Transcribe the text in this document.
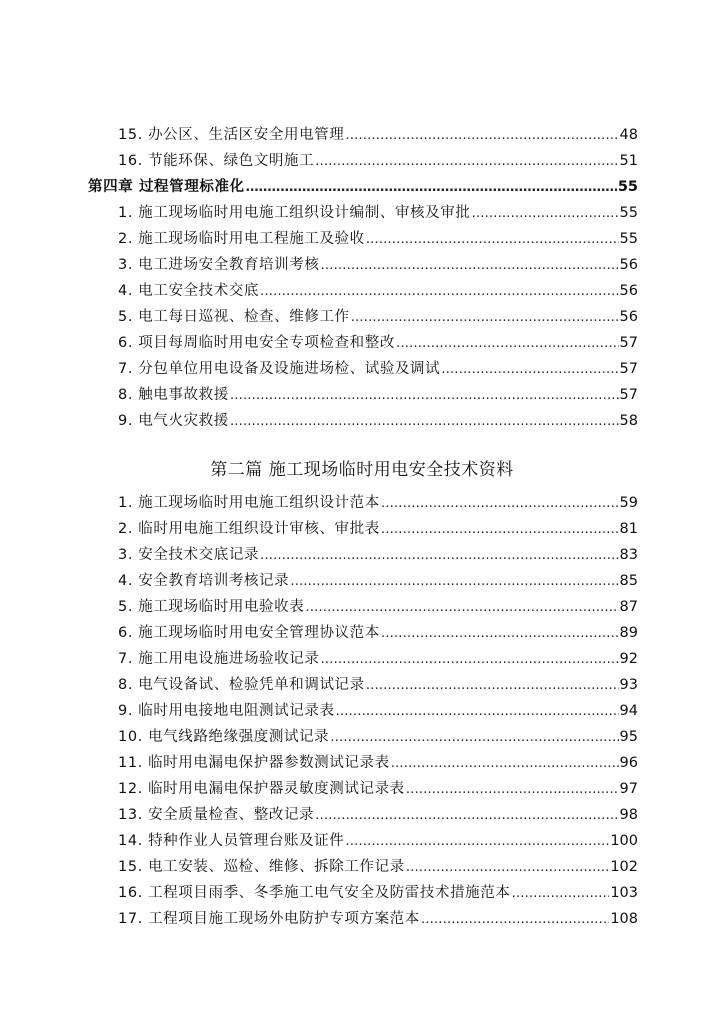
15. 办公区、生活区安全用电管理 ………………………………………………………………………………………………………………………………………………………………………………	48
16. 节能环保、绿色文明施工 ………………………………………………………………………………………………………………………………………………………………………………	51
第四章 过程管理标准化 ………………………………………………………………………………………………………………………………………………………………………………	55
1. 施工现场临时用电施工组织设计编制、审核及审批 ………………………………………………………………………………………………………………………………………………………………………………	55
2. 施工现场临时用电工程施工及验收 ………………………………………………………………………………………………………………………………………………………………………………	55
3. 电工进场安全教育培训考核 ………………………………………………………………………………………………………………………………………………………………………………	56
4. 电工安全技术交底 ………………………………………………………………………………………………………………………………………………………………………………	56
5. 电工每日巡视、检查、维修工作 ………………………………………………………………………………………………………………………………………………………………………………	56
6. 项目每周临时用电安全专项检查和整改 ………………………………………………………………………………………………………………………………………………………………………………	57
7. 分包单位用电设备及设施进场检、试验及调试 ………………………………………………………………………………………………………………………………………………………………………………	57
8. 触电事故救援 ………………………………………………………………………………………………………………………………………………………………………………	57
9. 电气火灾救援 ………………………………………………………………………………………………………………………………………………………………………………	58
第二篇 施工现场临时用电安全技术资料
1. 施工现场临时用电施工组织设计范本 ………………………………………………………………………………………………………………………………………………………………………………	59
2. 临时用电施工组织设计审核、审批表 ………………………………………………………………………………………………………………………………………………………………………………	81
3. 安全技术交底记录 ………………………………………………………………………………………………………………………………………………………………………………	83
4. 安全教育培训考核记录 ………………………………………………………………………………………………………………………………………………………………………………	85
5. 施工现场临时用电验收表 ………………………………………………………………………………………………………………………………………………………………………………	87
6. 施工现场临时用电安全管理协议范本 ………………………………………………………………………………………………………………………………………………………………………………	89
7. 施工用电设施进场验收记录 ………………………………………………………………………………………………………………………………………………………………………………	92
8. 电气设备试、检验凭单和调试记录 ………………………………………………………………………………………………………………………………………………………………………………	93
9. 临时用电接地电阻测试记录表 ………………………………………………………………………………………………………………………………………………………………………………	94
10. 电气线路绝缘强度测试记录 ………………………………………………………………………………………………………………………………………………………………………………	95
11. 临时用电漏电保护器参数测试记录表 ………………………………………………………………………………………………………………………………………………………………………………	96
12. 临时用电漏电保护器灵敏度测试记录表 ………………………………………………………………………………………………………………………………………………………………………………	97
13. 安全质量检查、整改记录 ………………………………………………………………………………………………………………………………………………………………………………	98
14. 特种作业人员管理台账及证件 ………………………………………………………………………………………………………………………………………………………………………………	100
15. 电工安装、巡检、维修、拆除工作记录 ………………………………………………………………………………………………………………………………………………………………………………	102
16. 工程项目雨季、冬季施工电气安全及防雷技术措施范本 ………………………………………………………………………………………………………………………………………………………………………………	103
17. 工程项目施工现场外电防护专项方案范本 ………………………………………………………………………………………………………………………………………………………………………………	108
